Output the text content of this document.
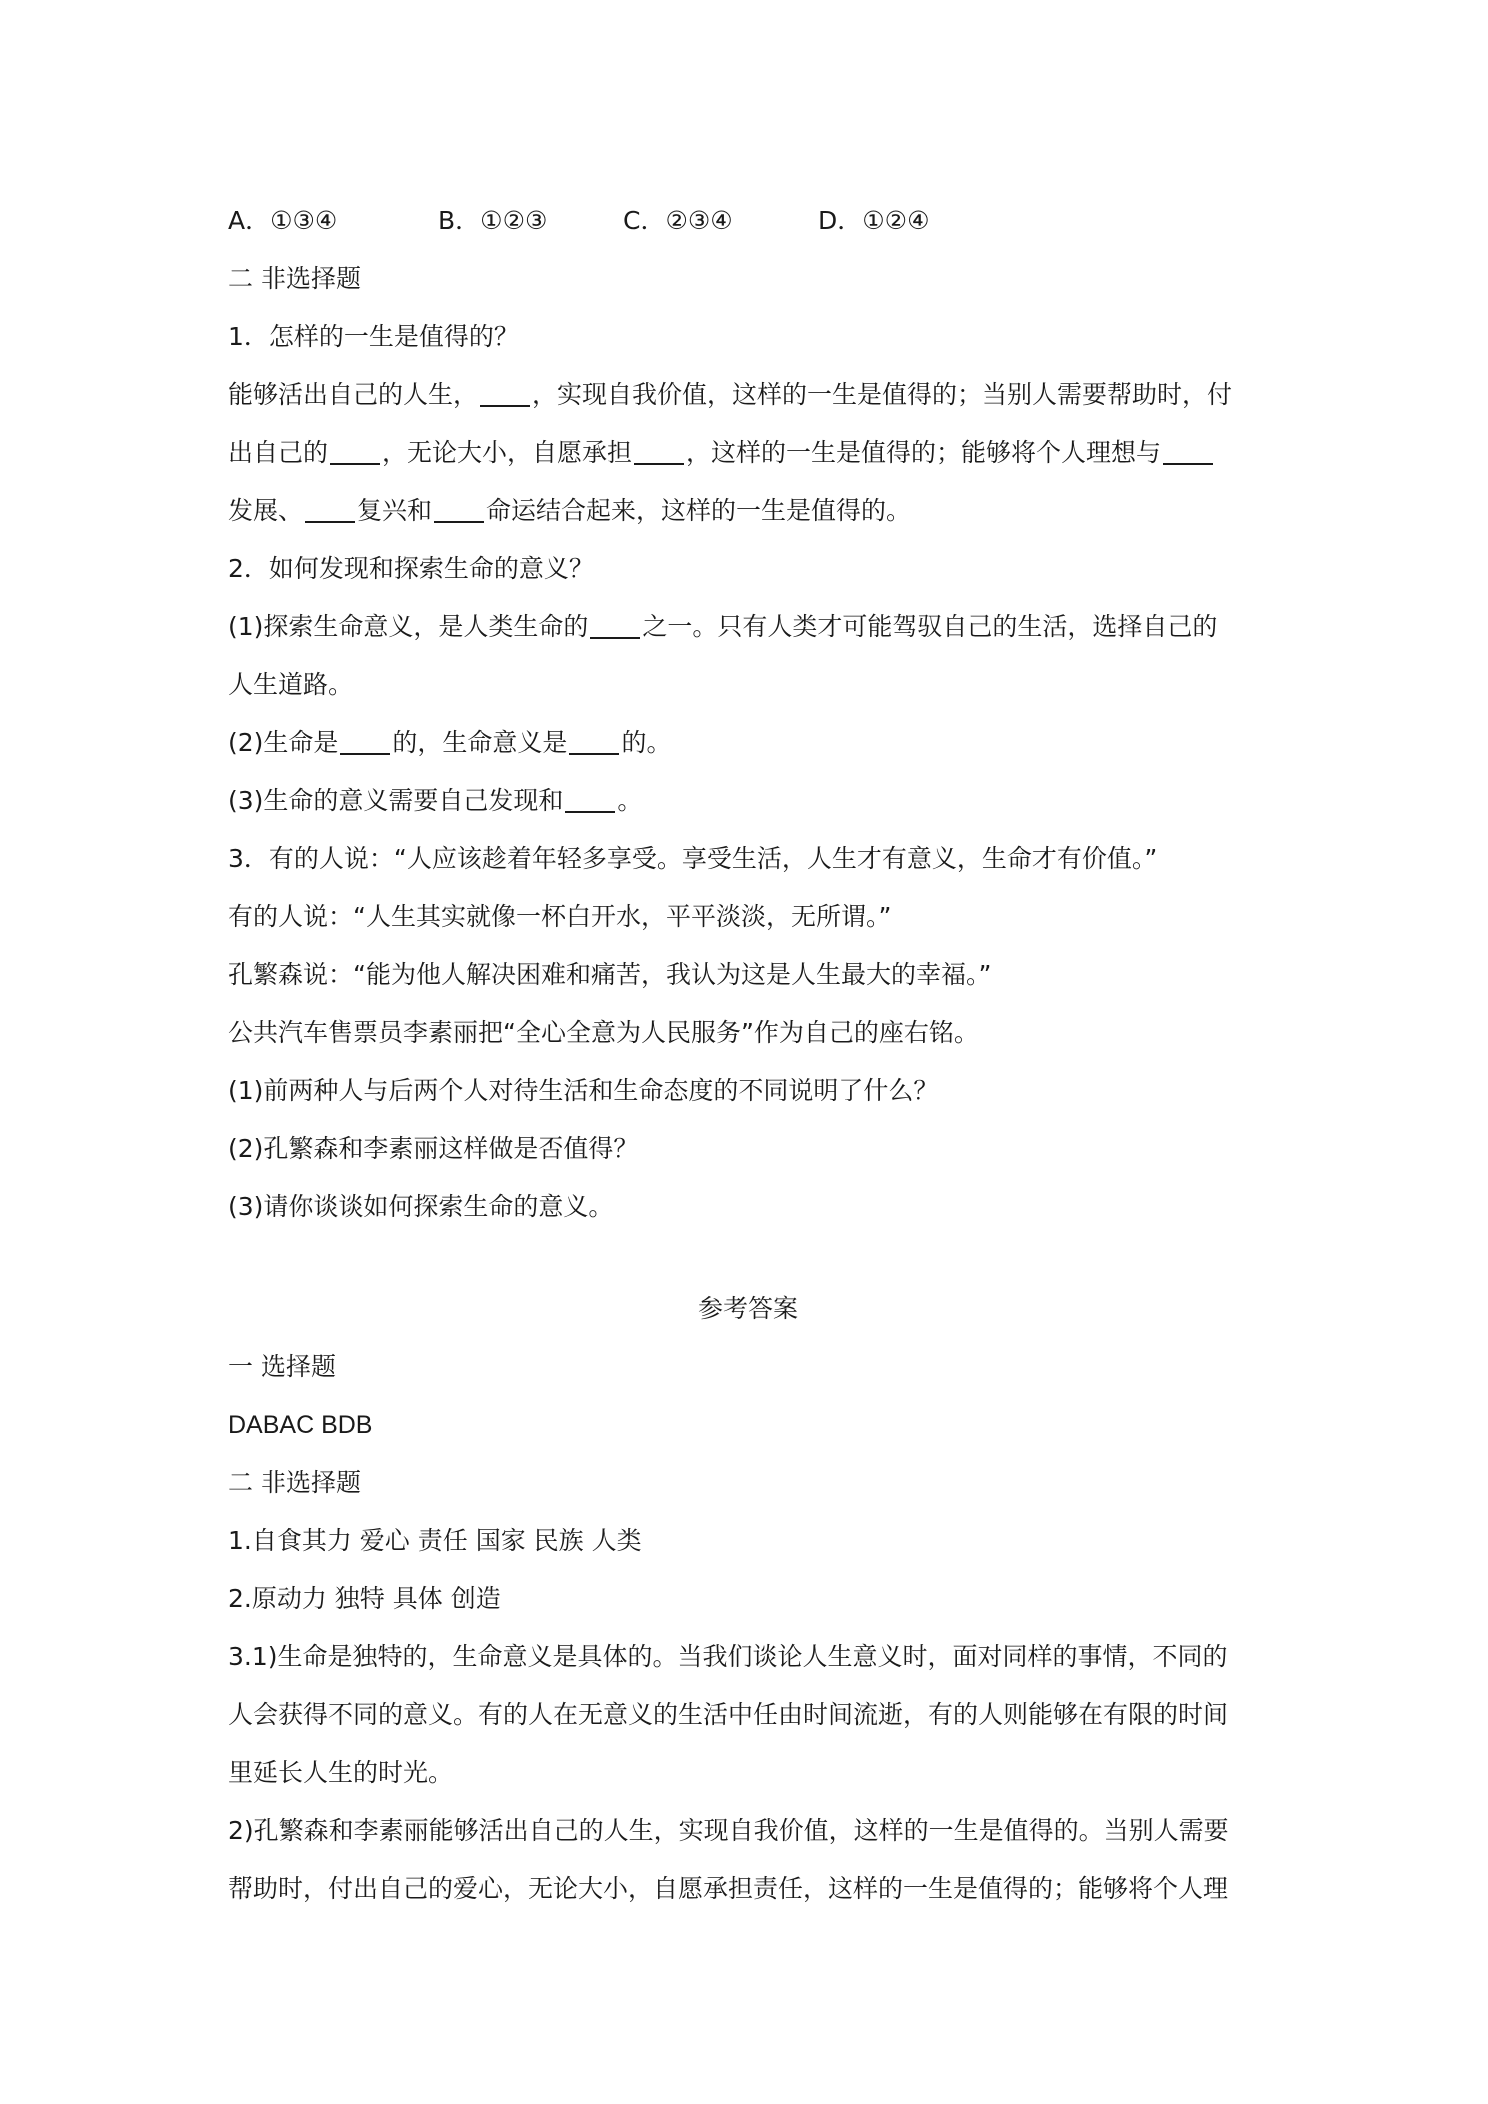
A．①③④	B．①②③	C．②③④	D．①②④
二 非选择题
1．怎样的一生是值得的？
能够活出自己的人生， ，实现自我价值，这样的一生是值得的；当别人需要帮助时，付
出自己的 ，无论大小，自愿承担 ，这样的一生是值得的；能够将个人理想与
发展、 复兴和 命运结合起来，这样的一生是值得的。
2．如何发现和探索生命的意义？
(1)探索生命意义，是人类生命的 之一。只有人类才可能驾驭自己的生活，选择自己的
人生道路。
(2)生命是 的，生命意义是 的。
(3)生命的意义需要自己发现和 。
3．有的人说：“人应该趁着年轻多享受。享受生活，人生才有意义，生命才有价值。”
有的人说：“人生其实就像一杯白开水，平平淡淡，无所谓。”
孔繁森说：“能为他人解决困难和痛苦，我认为这是人生最大的幸福。”
公共汽车售票员李素丽把“全心全意为人民服务”作为自己的座右铭。
(1)前两种人与后两个人对待生活和生命态度的不同说明了什么？
(2)孔繁森和李素丽这样做是否值得？
(3)请你谈谈如何探索生命的意义。
参考答案
一 选择题
DABAC BDB
二 非选择题
1.自食其力 爱心 责任 国家 民族 人类
2.原动力 独特 具体 创造
3.1)生命是独特的，生命意义是具体的。当我们谈论人生意义时，面对同样的事情，不同的
人会获得不同的意义。有的人在无意义的生活中任由时间流逝，有的人则能够在有限的时间
里延长人生的时光。
2)孔繁森和李素丽能够活出自己的人生，实现自我价值，这样的一生是值得的。当别人需要
帮助时，付出自己的爱心，无论大小，自愿承担责任，这样的一生是值得的；能够将个人理
